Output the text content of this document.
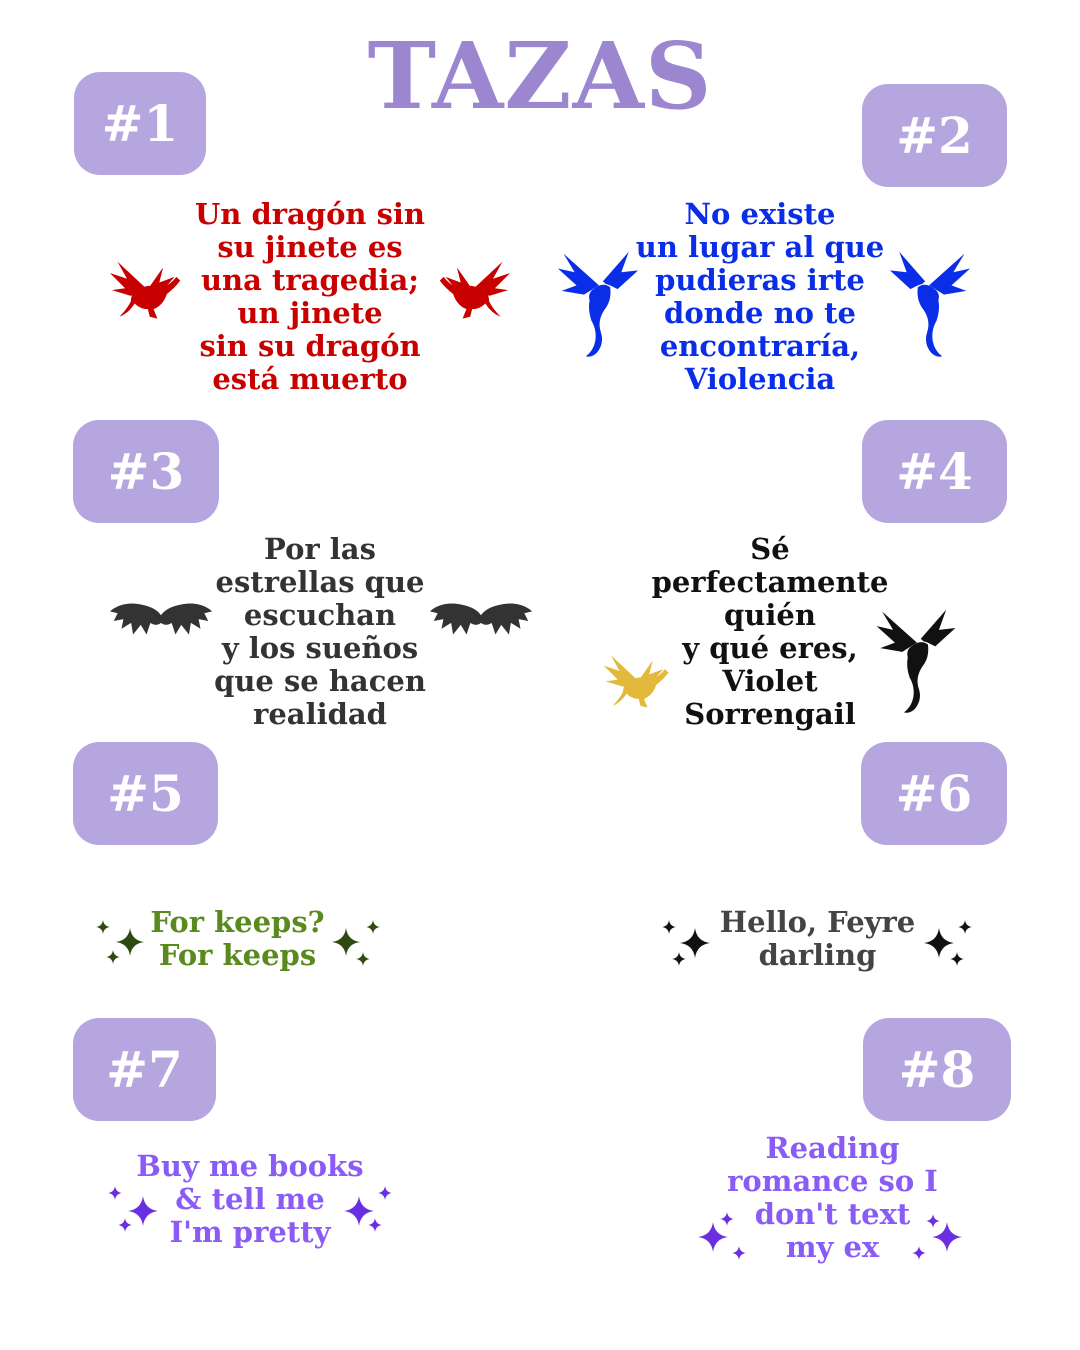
TAZAS
#1	#2
#3	#4
#5	#6
#7	#8
Un dragón sin
su jinete es
una tragedia;
un jinete
sin su dragón
está muerto
No existe
un lugar al que
pudieras irte
donde no te
encontraría,
Violencia
Por las
estrellas que
escuchan
y los sueños
que se hacen
realidad
Sé
perfectamente
quién
y qué eres,
Violet
Sorrengail
For keeps?
For keeps
Hello, Feyre
darling
Buy me books
& tell me
I'm pretty
Reading
romance so I
don't text
my ex
